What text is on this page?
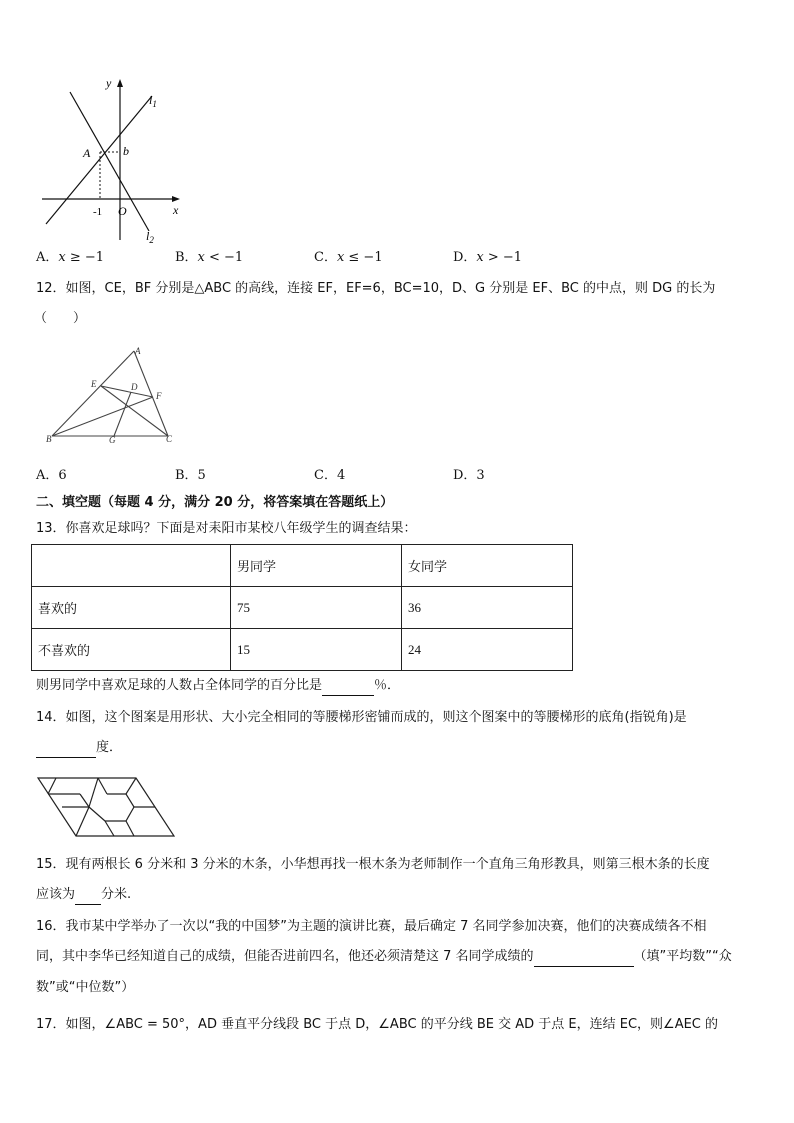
y
$l_1$
A	b
-1 O	x
$l_2$
A．𝑥 ≥ −1	B．𝑥 < −1	C．𝑥 ≤ −1	D．𝑥 > −1
12．如图，CE，BF 分别是△ABC 的高线，连接 EF，EF=6，BC=10，D、G 分别是 EF、BC 的中点，则 DG 的长为
（　　）
A
E	D
F
B	G	C
A．6	B．5	C．4	D．3
二、填空题（每题 4 分，满分 20 分，将答案填在答题纸上）
13．你喜欢足球吗？下面是对耒阳市某校八年级学生的调查结果：
	男同学	女同学
喜欢的	75	36
不喜欢的	15	24
则男同学中喜欢足球的人数占全体同学的百分比是	％．
14．如图，这个图案是用形状、大小完全相同的等腰梯形密铺而成的，则这个图案中的等腰梯形的底角(指锐角)是
度．
15．现有两根长 6 分米和 3 分米的木条，小华想再找一根木条为老师制作一个直角三角形教具，则第三根木条的长度
应该为 分米.
16．我市某中学举办了一次以“我的中国梦”为主题的演讲比赛，最后确定 7 名同学参加决赛，他们的决赛成绩各不相
同，其中李华已经知道自己的成绩，但能否进前四名，他还必须清楚这 7 名同学成绩的	（填”平均数”“众
数”或“中位数”）
17．如图，∠ABC = 50°，AD 垂直平分线段 BC 于点 D，∠ABC 的平分线 BE 交 AD 于点 E，连结 EC，则∠AEC 的
